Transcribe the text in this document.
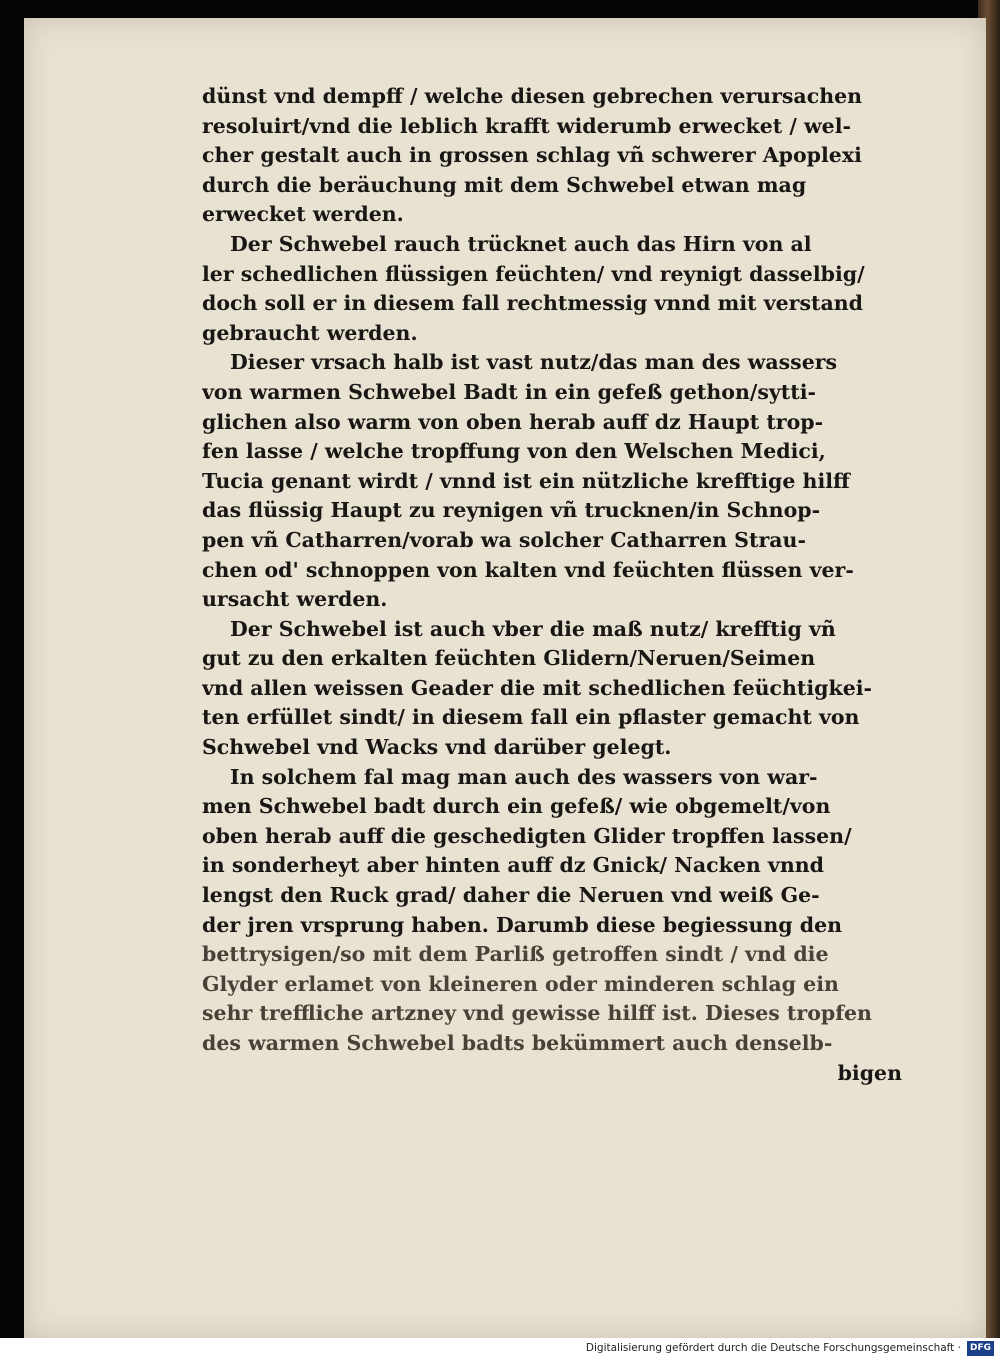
dünst vnd dempff / welche diesen gebrechen verursachen
resoluirt/vnd die leblich krafft widerumb erwecket / wel-
cher gestalt auch in grossen schlag vñ schwerer Apoplexi
durch die beräuchung mit dem Schwebel etwan mag
erwecket werden.
Der Schwebel rauch trücknet auch das Hirn von al
ler schedlichen flüssigen feüchten/ vnd reynigt dasselbig/
doch soll er in diesem fall rechtmessig vnnd mit verstand
gebraucht werden.
Dieser vrsach halb ist vast nutz/das man des wassers
von warmen Schwebel Badt in ein gefeß gethon/sytti-
glichen also warm von oben herab auff dz Haupt trop-
fen lasse / welche tropffung von den Welschen Medici,
Tucia genant wirdt / vnnd ist ein nützliche krefftige hilff
das flüssig Haupt zu reynigen vñ trucknen/in Schnop-
pen vñ Catharren/vorab wa solcher Catharren Strau-
chen od' schnoppen von kalten vnd feüchten flüssen ver-
ursacht werden.
Der Schwebel ist auch vber die maß nutz/ krefftig vñ
gut zu den erkalten feüchten Glidern/Neruen/Seimen
vnd allen weissen Geader die mit schedlichen feüchtigkei-
ten erfüllet sindt/ in diesem fall ein pflaster gemacht von
Schwebel vnd Wacks vnd darüber gelegt.
In solchem fal mag man auch des wassers von war-
men Schwebel badt durch ein gefeß/ wie obgemelt/von
oben herab auff die geschedigten Glider tropffen lassen/
in sonderheyt aber hinten auff dz Gnick/ Nacken vnnd
lengst den Ruck grad/ daher die Neruen vnd weiß Ge-
der jren vrsprung haben. Darumb diese begiessung den
bettrysigen/so mit dem Parliß getroffen sindt / vnd die
Glyder erlamet von kleineren oder minderen schlag ein
sehr treffliche artzney vnd gewisse hilff ist. Dieses tropfen
des warmen Schwebel badts bekümmert auch denselb-
bigen
Digitalisierung gefördert durch die Deutsche Forschungsgemeinschaft · DFG
